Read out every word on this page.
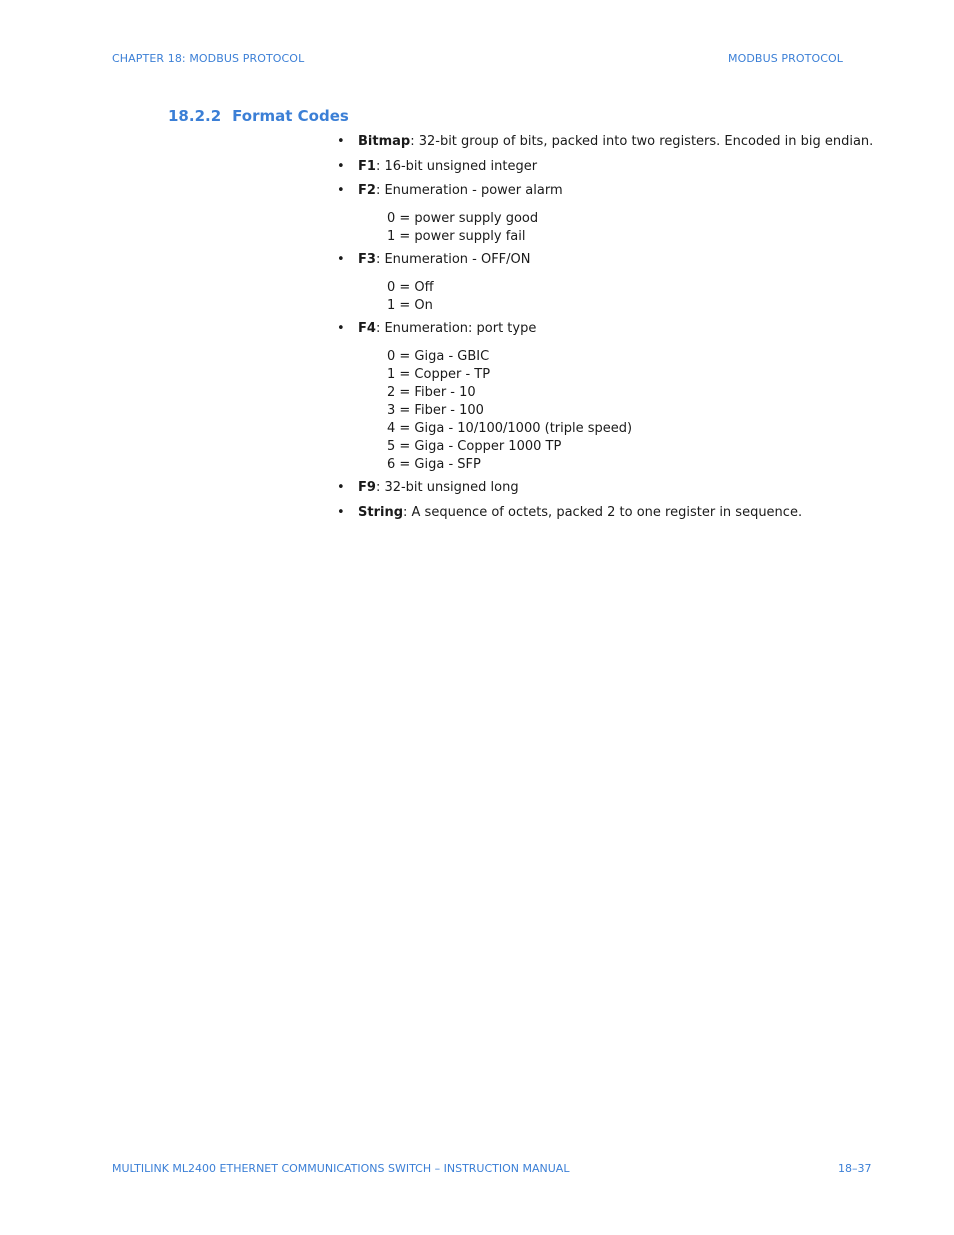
CHAPTER 18: MODBUS PROTOCOL	MODBUS PROTOCOL
18.2.2 Format Codes
• Bitmap: 32-bit group of bits, packed into two registers. Encoded in big endian.
• F1: 16-bit unsigned integer
• F2: Enumeration - power alarm
0 = power supply good
1 = power supply fail
• F3: Enumeration - OFF/ON
0 = Off
1 = On
• F4: Enumeration: port type
0 = Giga - GBIC
1 = Copper - TP
2 = Fiber - 10
3 = Fiber - 100
4 = Giga - 10/100/1000 (triple speed)
5 = Giga - Copper 1000 TP
6 = Giga - SFP
• F9: 32-bit unsigned long
• String: A sequence of octets, packed 2 to one register in sequence.
MULTILINK ML2400 ETHERNET COMMUNICATIONS SWITCH – INSTRUCTION MANUAL	18–37
